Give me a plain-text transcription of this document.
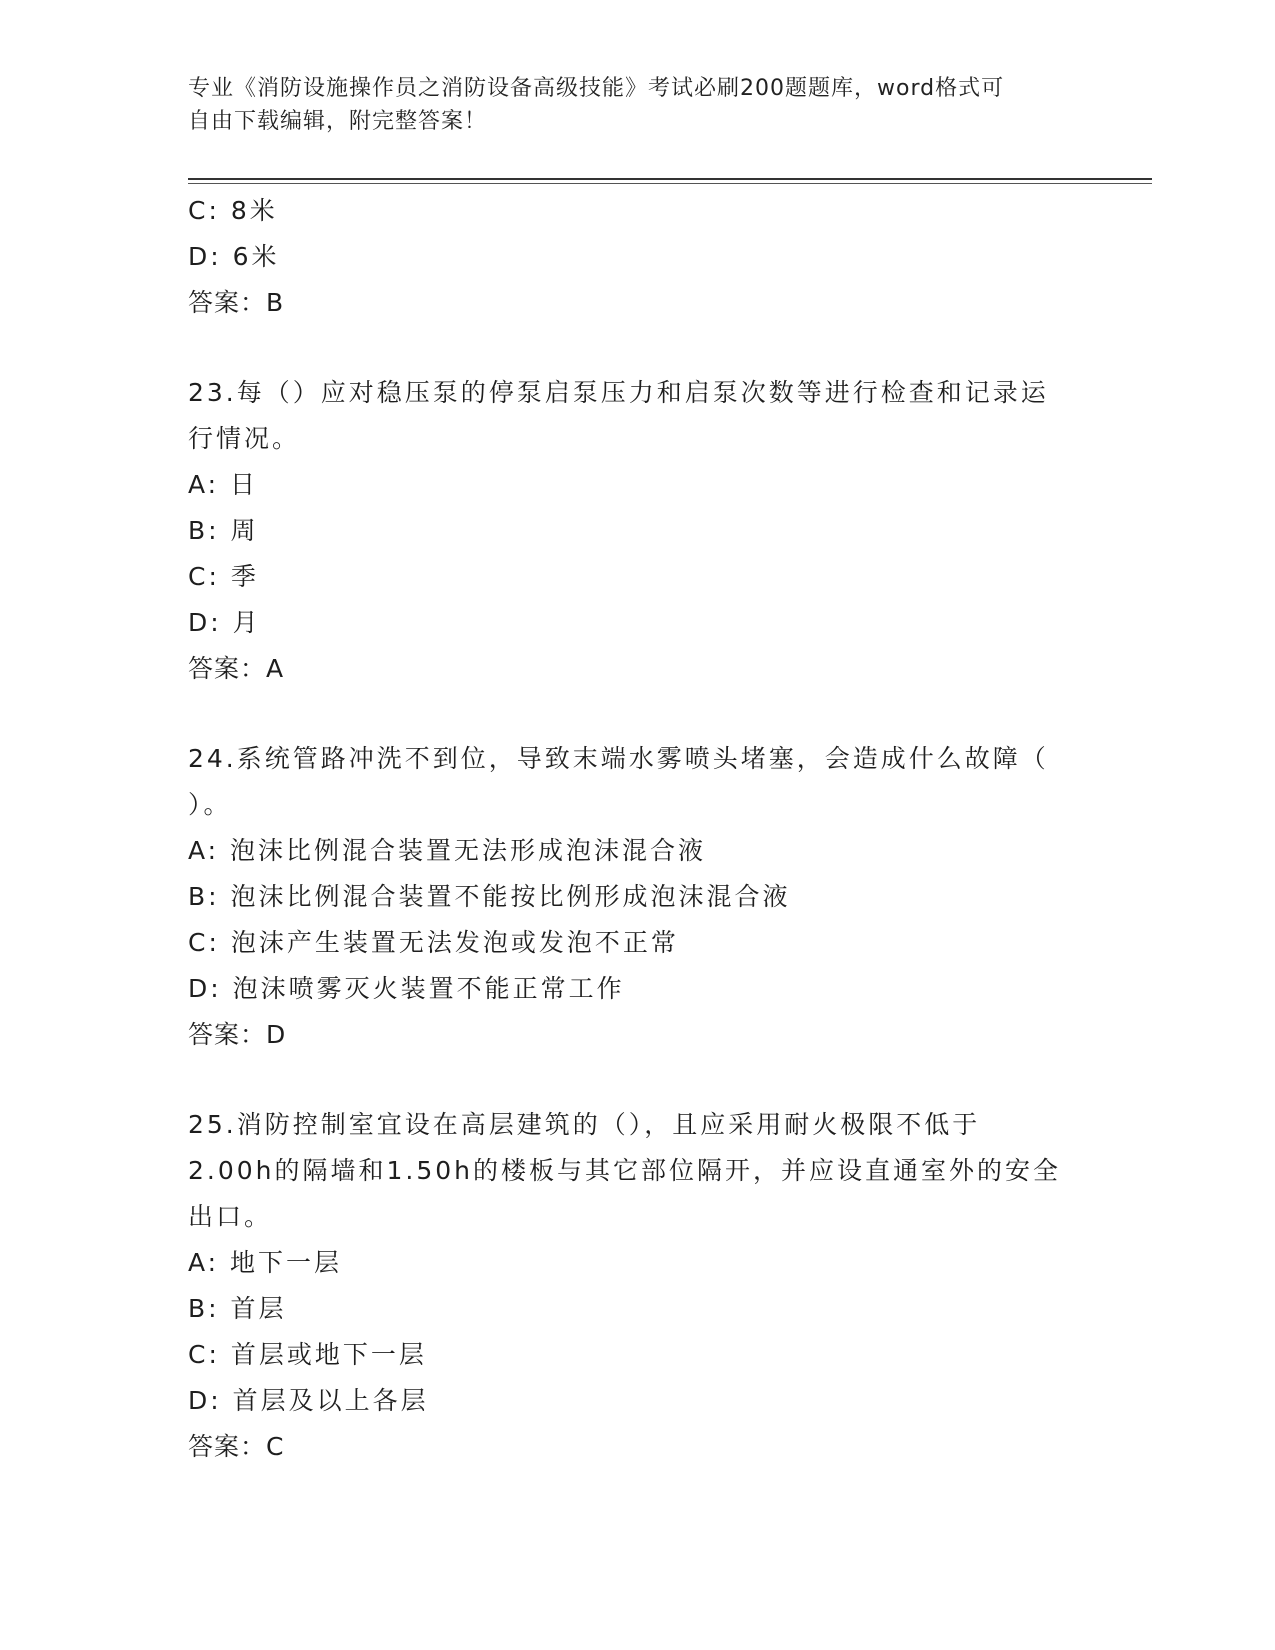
专业《消防设施操作员之消防设备高级技能》考试必刷200题题库，word格式可
自由下载编辑，附完整答案！
C: 8米
D: 6米
答案：B
23.每（）应对稳压泵的停泵启泵压力和启泵次数等进行检查和记录运
行情况。
A: 日
B: 周
C: 季
D: 月
答案：A
24.系统管路冲洗不到位，导致末端水雾喷头堵塞，会造成什么故障（
）。
A: 泡沫比例混合装置无法形成泡沫混合液
B: 泡沫比例混合装置不能按比例形成泡沫混合液
C: 泡沫产生装置无法发泡或发泡不正常
D: 泡沫喷雾灭火装置不能正常工作
答案：D
25.消防控制室宜设在高层建筑的（），且应采用耐火极限不低于
2.00h的隔墙和1.50h的楼板与其它部位隔开，并应设直通室外的安全
出口。
A: 地下一层
B: 首层
C: 首层或地下一层
D: 首层及以上各层
答案：C
